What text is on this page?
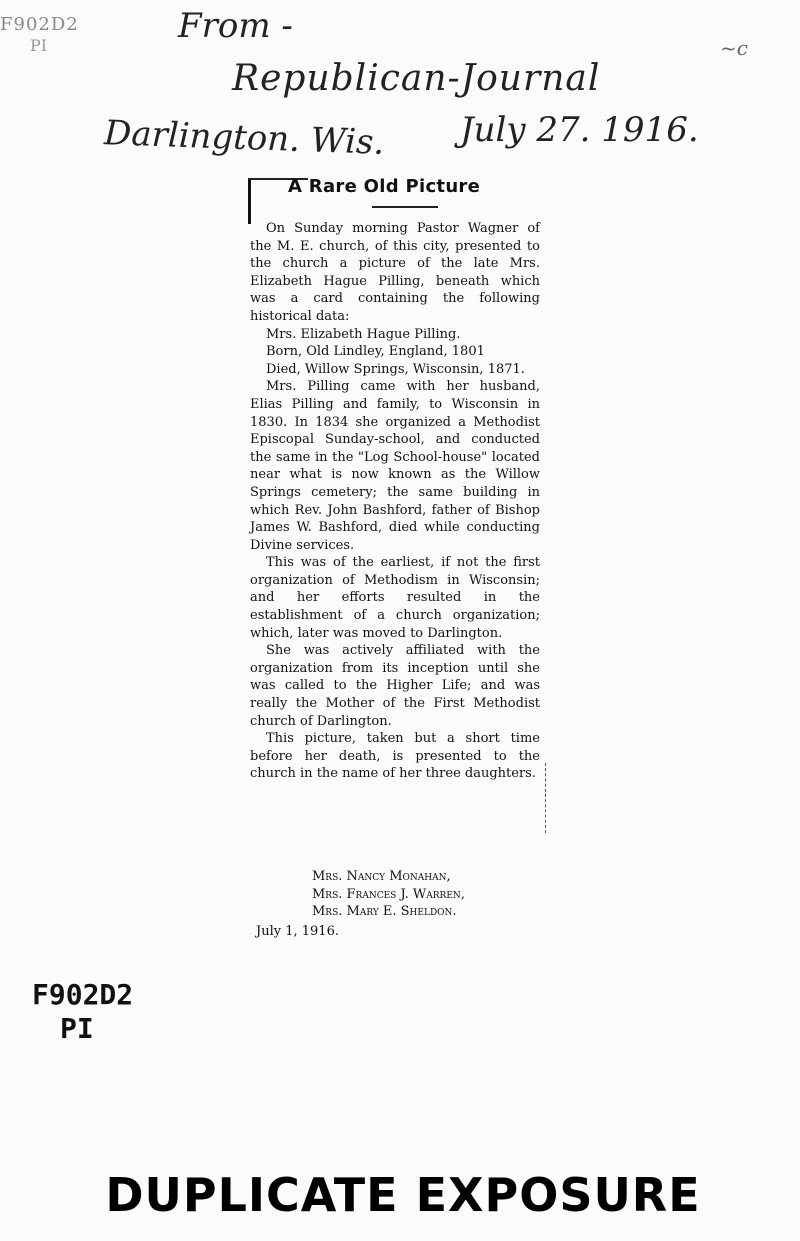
F902D2
PI	From -
Republican-Journal
Darlington. Wis. July 27. 1916.
~c
A Rare Old Picture

On Sunday morning Pastor Wagner of the M. E. church, of this city, presented to the church a picture of the late Mrs. Elizabeth Hague Pilling, beneath which was a card containing the following historical data:

Mrs. Elizabeth Hague Pilling.

Born, Old Lindley, England, 1801

Died, Willow Springs, Wisconsin, 1871.

Mrs. Pilling came with her husband, Elias Pilling and family, to Wisconsin in 1830. In 1834 she organized a Methodist Episcopal Sunday-school, and conducted the same in the "Log School-house" located near what is now known as the Willow Springs cemetery; the same building in which Rev. John Bashford, father of Bishop James W. Bashford, died while conducting Divine services.

This was of the earliest, if not the first organization of Methodism in Wisconsin; and her efforts resulted in the establishment of a church organization; which, later was moved to Darlington.

She was actively affiliated with the organization from its inception until she was called to the Higher Life; and was really the Mother of the First Methodist church of Darlington.

This picture, taken but a short time before her death, is presented to the church in the name of her three daughters.

Mrs. Nancy Monahan,
Mrs. Frances J. Warren,
Mrs. Mary E. Sheldon.
July 1, 1916.
F902D2
PI
DUPLICATE EXPOSURE
